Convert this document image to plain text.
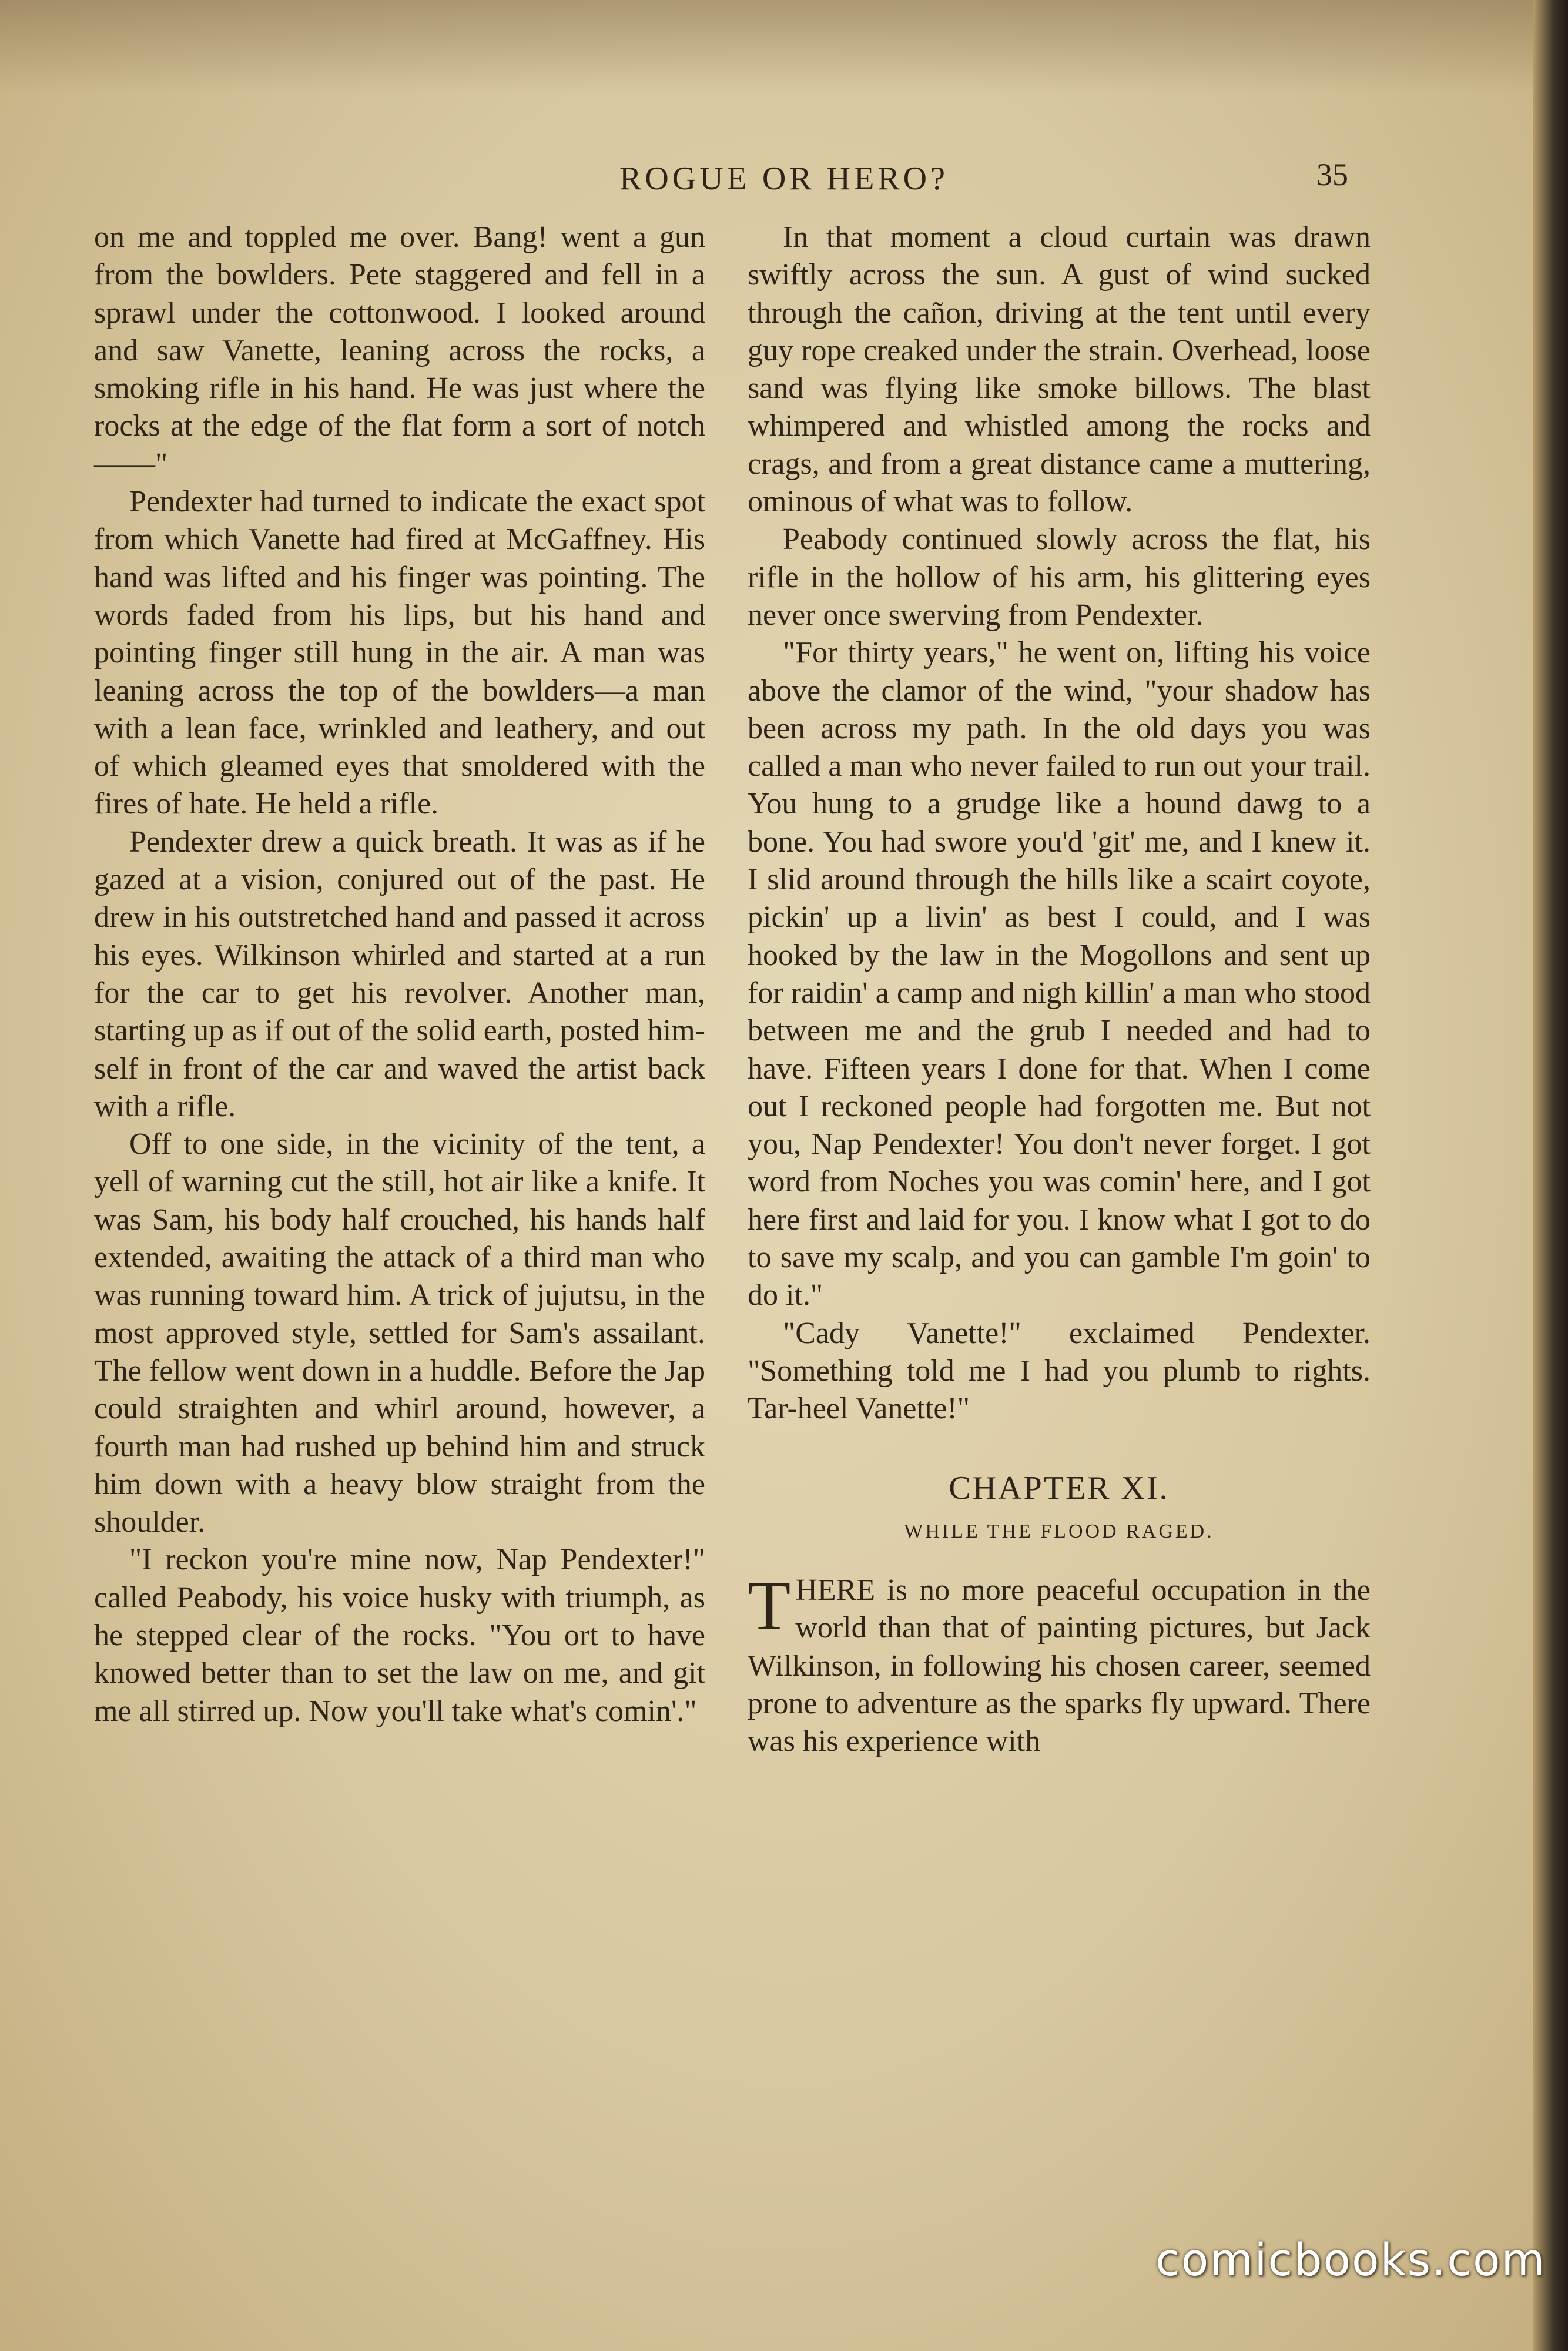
ROGUE OR HERO?	35

on me and toppled me over. Bang! went a gun from the bowlders. Pete staggered and fell in a sprawl under the cottonwood. I looked around and saw Vanette, leaning across the rocks, a smoking rifle in his hand. He was just where the rocks at the edge of the flat form a sort of notch——"

Pendexter had turned to indicate the exact spot from which Vanette had fired at McGaffney. His hand was lifted and his finger was pointing. The words faded from his lips, but his hand and pointing finger still hung in the air. A man was leaning across the top of the bowlders—a man with a lean face, wrinkled and leathery, and out of which gleamed eyes that smoldered with the fires of hate. He held a rifle.

Pendexter drew a quick breath. It was as if he gazed at a vision, conjured out of the past. He drew in his outstretched hand and passed it across his eyes. Wilkinson whirled and started at a run for the car to get his revolver. Another man, starting up as if out of the solid earth, posted himself in front of the car and waved the artist back with a rifle.

Off to one side, in the vicinity of the tent, a yell of warning cut the still, hot air like a knife. It was Sam, his body half crouched, his hands half extended, awaiting the attack of a third man who was running toward him. A trick of jujutsu, in the most approved style, settled for Sam's assailant. The fellow went down in a huddle. Before the Jap could straighten and whirl around, however, a fourth man had rushed up behind him and struck him down with a heavy blow straight from the shoulder.

"I reckon you're mine now, Nap Pendexter!" called Peabody, his voice husky with triumph, as he stepped clear of the rocks. "You ort to have knowed better than to set the law on me, and git me all stirred up. Now you'll take what's comin'."

In that moment a cloud curtain was drawn swiftly across the sun. A gust of wind sucked through the cañon, driving at the tent until every guy rope creaked under the strain. Overhead, loose sand was flying like smoke billows. The blast whimpered and whistled among the rocks and crags, and from a great distance came a muttering, ominous of what was to follow.

Peabody continued slowly across the flat, his rifle in the hollow of his arm, his glittering eyes never once swerving from Pendexter.

"For thirty years," he went on, lifting his voice above the clamor of the wind, "your shadow has been across my path. In the old days you was called a man who never failed to run out your trail. You hung to a grudge like a hound dawg to a bone. You had swore you'd 'git' me, and I knew it. I slid around through the hills like a scairt coyote, pickin' up a livin' as best I could, and I was hooked by the law in the Mogollons and sent up for raidin' a camp and nigh killin' a man who stood between me and the grub I needed and had to have. Fifteen years I done for that. When I come out I reckoned people had forgotten me. But not you, Nap Pendexter! You don't never forget. I got word from Noches you was comin' here, and I got here first and laid for you. I know what I got to do to save my scalp, and you can gamble I'm goin' to do it."

"Cady Vanette!" exclaimed Pendexter. "Something told me I had you plumb to rights. Tar-heel Vanette!"

CHAPTER XI.
WHILE THE FLOOD RAGED.

THERE is no more peaceful occupation in the world than that of painting pictures, but Jack Wilkinson, in following his chosen career, seemed prone to adventure as the sparks fly upward. There was his experience with

comicbooks.com
